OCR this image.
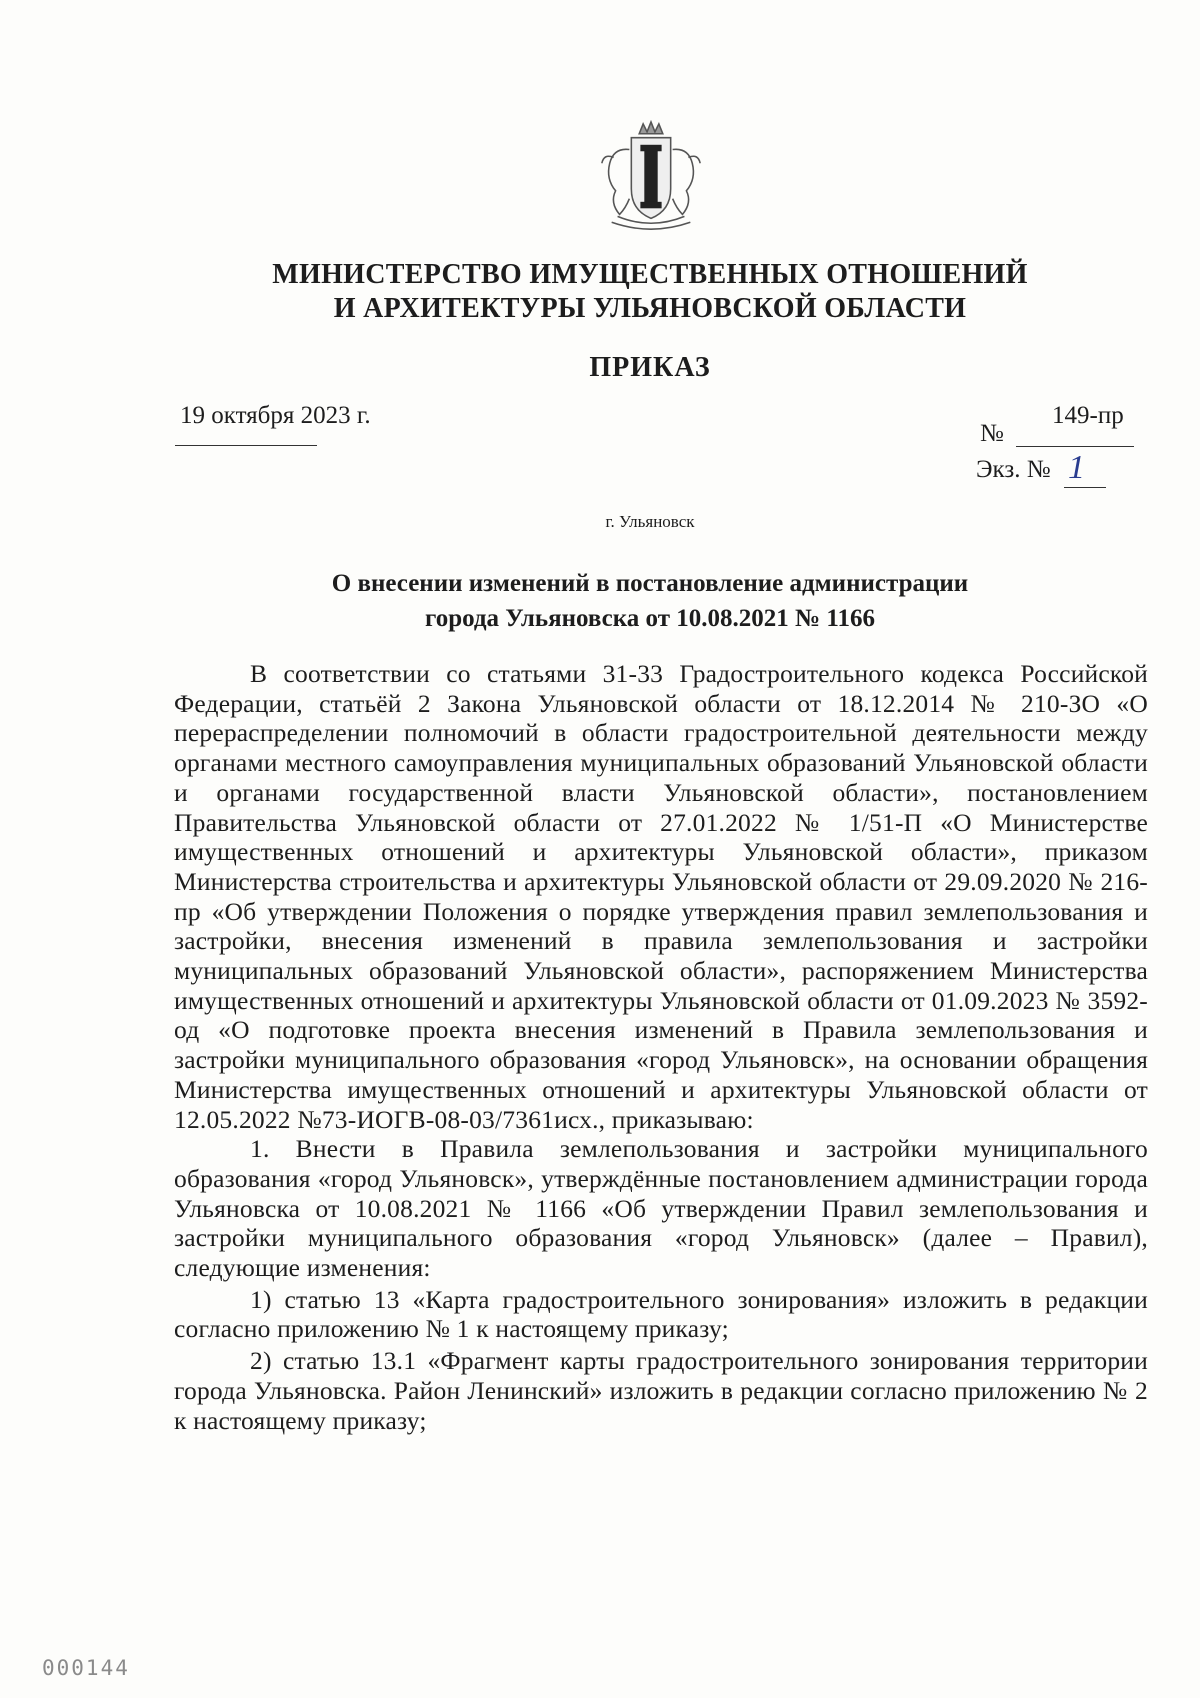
МИНИСТЕРСТВО ИМУЩЕСТВЕННЫХ ОТНОШЕНИЙ
И АРХИТЕКТУРЫ УЛЬЯНОВСКОЙ ОБЛАСТИ
ПРИКАЗ
19 октября 2023 г.
№
149-пр
Экз. № 1
г. Ульяновск
О внесении изменений в постановление администрации
города Ульяновска от 10.08.2021 № 1166

В соответствии со статьями 31-33 Градостроительного кодекса Российской Федерации, статьёй 2 Закона Ульяновской области от 18.12.2014 № 210-ЗО «О перераспределении полномочий в области градостроительной деятельности между органами местного самоуправления муниципальных образований Ульяновской области и органами государственной власти Ульяновской области», постановлением Правительства Ульяновской области от 27.01.2022 № 1/51-П «О Министерстве имущественных отношений и архитектуры Ульяновской области», приказом Министерства строительства и архитектуры Ульяновской области от 29.09.2020 № 216-пр «Об утверждении Положения о порядке утверждения правил землепользования и застройки, внесения изменений в правила землепользования и застройки муниципальных образований Ульяновской области», распоряжением Министерства имущественных отношений и архитектуры Ульяновской области от 01.09.2023 № 3592-од «О подготовке проекта внесения изменений в Правила землепользования и застройки муниципального образования «город Ульяновск», на основании обращения Министерства имущественных отношений и архитектуры Ульяновской области от 12.05.2022 №73-ИОГВ-08-03/7361исх., приказываю:

1. Внести в Правила землепользования и застройки муниципального образования «город Ульяновск», утверждённые постановлением администрации города Ульяновска от 10.08.2021 № 1166 «Об утверждении Правил землепользования и застройки муниципального образования «город Ульяновск» (далее – Правил), следующие изменения:

1) статью 13 «Карта градостроительного зонирования» изложить в редакции согласно приложению № 1 к настоящему приказу;

2) статью 13.1 «Фрагмент карты градостроительного зонирования территории города Ульяновска. Район Ленинский» изложить в редакции согласно приложению № 2 к настоящему приказу;

000144
